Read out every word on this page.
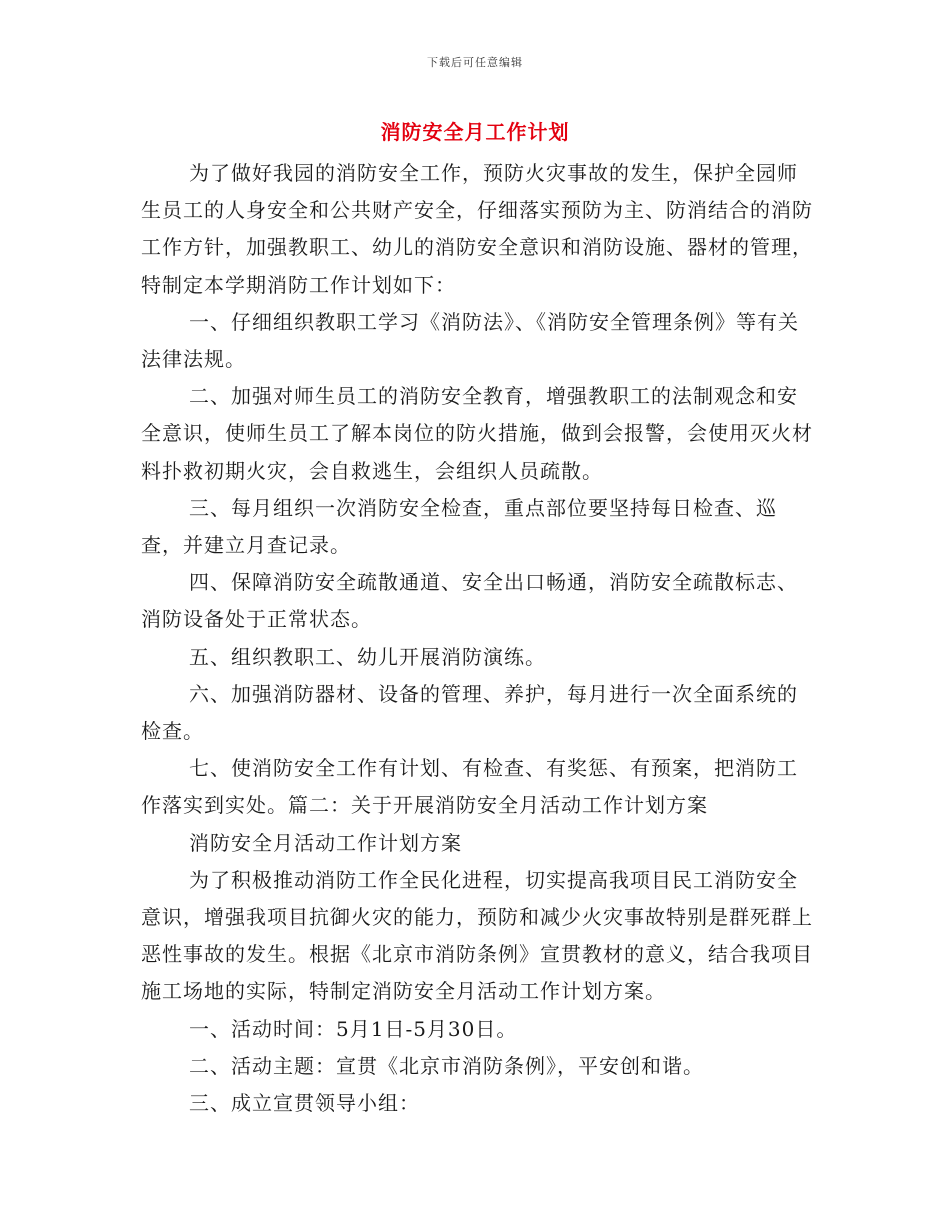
下载后可任意编辑
消防安全月工作计划

为了做好我园的消防安全工作，预防火灾事故的发生，保护全园师生员工的人身安全和公共财产安全，仔细落实预防为主、防消结合的消防工作方针，加强教职工、幼儿的消防安全意识和消防设施、器材的管理，特制定本学期消防工作计划如下：

一、仔细组织教职工学习《消防法》、《消防安全管理条例》等有关法律法规。

二、加强对师生员工的消防安全教育，增强教职工的法制观念和安全意识，使师生员工了解本岗位的防火措施，做到会报警，会使用灭火材料扑救初期火灾，会自救逃生，会组织人员疏散。

三、每月组织一次消防安全检查，重点部位要坚持每日检查、巡查，并建立月查记录。

四、保障消防安全疏散通道、安全出口畅通，消防安全疏散标志、消防设备处于正常状态。

五、组织教职工、幼儿开展消防演练。

六、加强消防器材、设备的管理、养护，每月进行一次全面系统的检查。

七、使消防安全工作有计划、有检查、有奖惩、有预案，把消防工作落实到实处。篇二：关于开展消防安全月活动工作计划方案

消防安全月活动工作计划方案

为了积极推动消防工作全民化进程，切实提高我项目民工消防安全意识，增强我项目抗御火灾的能力，预防和减少火灾事故特别是群死群上恶性事故的发生。根据《北京市消防条例》宣贯教材的意义，结合我项目施工场地的实际，特制定消防安全月活动工作计划方案。

一、活动时间：5月1日-5月30日。

二、活动主题：宣贯《北京市消防条例》，平安创和谐。

三、成立宣贯领导小组：
